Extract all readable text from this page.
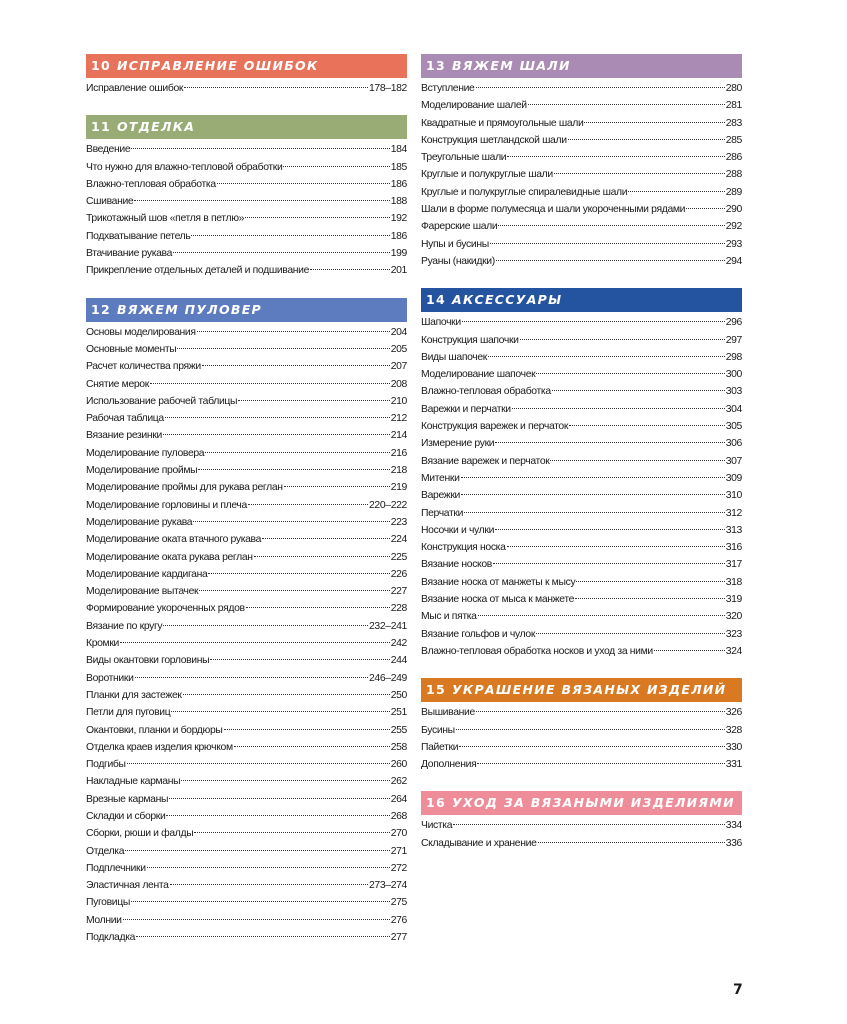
10 ИСПРАВЛЕНИЕ ОШИБОК
Исправление ошибок	178–182
11 ОТДЕЛКА
Введение	184
Что нужно для влажно-тепловой обработки	185
Влажно-тепловая обработка	186
Сшивание	188
Трикотажный шов «петля в петлю»	192
Подхватывание петель	186
Втачивание рукава	199
Прикрепление отдельных деталей и подшивание	201
12 ВЯЖЕМ ПУЛОВЕР
Основы моделирования	204
Основные моменты	205
Расчет количества пряжи	207
Снятие мерок	208
Использование рабочей таблицы	210
Рабочая таблица	212
Вязание резинки	214
Моделирование пуловера	216
Моделирование проймы	218
Моделирование проймы для рукава реглан	219
Моделирование горловины и плеча	220–222
Моделирование рукава	223
Моделирование оката втачного рукава	224
Моделирование оката рукава реглан	225
Моделирование кардигана	226
Моделирование вытачек	227
Формирование укороченных рядов	228
Вязание по кругу	232–241
Кромки	242
Виды окантовки горловины	244
Воротники	246–249
Планки для застежек	250
Петли для пуговиц	251
Окантовки, планки и бордюры	255
Отделка краев изделия крючком	258
Подгибы	260
Накладные карманы	262
Врезные карманы	264
Складки и сборки	268
Сборки, рюши и фалды	270
Отделка	271
Подплечники	272
Эластичная лента	273–274
Пуговицы	275
Молнии	276
Подкладка	277
13 ВЯЖЕМ ШАЛИ
Вступление	280
Моделирование шалей	281
Квадратные и прямоугольные шали	283
Конструкция шетландской шали	285
Треугольные шали	286
Круглые и полукруглые шали	288
Круглые и полукруглые спиралевидные шали	289
Шали в форме полумесяца и шали укороченными рядами	290
Фарерские шали	292
Нупы и бусины	293
Руаны (накидки)	294
14 АКСЕССУАРЫ
Шапочки	296
Конструкция шапочки	297
Виды шапочек	298
Моделирование шапочек	300
Влажно-тепловая обработка	303
Варежки и перчатки	304
Конструкция варежек и перчаток	305
Измерение руки	306
Вязание варежек и перчаток	307
Митенки	309
Варежки	310
Перчатки	312
Носочки и чулки	313
Конструкция носка	316
Вязание носков	317
Вязание носка от манжеты к мысу	318
Вязание носка от мыса к манжете	319
Мыс и пятка	320
Вязание гольфов и чулок	323
Влажно-тепловая обработка носков и уход за ними	324
15 УКРАШЕНИЕ ВЯЗАНЫХ ИЗДЕЛИЙ
Вышивание	326
Бусины	328
Пайетки	330
Дополнения	331
16 УХОД ЗА ВЯЗАНЫМИ ИЗДЕЛИЯМИ
Чистка	334
Складывание и хранение	336
7
